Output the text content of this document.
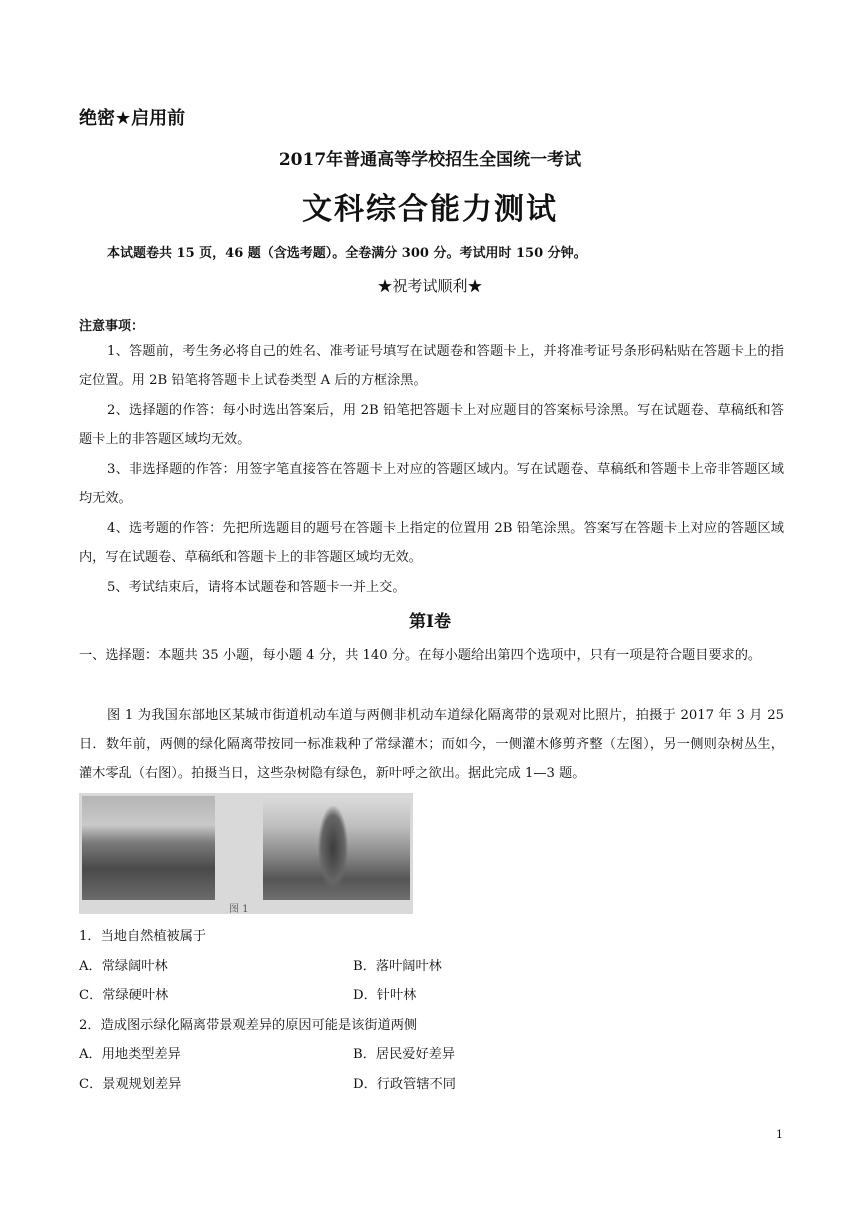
绝密★启用前
2017年普通高等学校招生全国统一考试
文科综合能力测试
本试题卷共 15 页，46 题（含选考题）。全卷满分 300 分。考试用时 150 分钟。
★祝考试顺利★
注意事项：
1、答题前，考生务必将自己的姓名、准考证号填写在试题卷和答题卡上，并将准考证号条形码粘贴在答题卡上的指定位置。用 2B 铅笔将答题卡上试卷类型 A 后的方框涂黑。
2、选择题的作答：每小时选出答案后，用 2B 铅笔把答题卡上对应题目的答案标号涂黑。写在试题卷、草稿纸和答题卡上的非答题区域均无效。
3、非选择题的作答：用签字笔直接答在答题卡上对应的答题区域内。写在试题卷、草稿纸和答题卡上帝非答题区域均无效。
4、选考题的作答：先把所选题目的题号在答题卡上指定的位置用 2B 铅笔涂黑。答案写在答题卡上对应的答题区域内，写在试题卷、草稿纸和答题卡上的非答题区域均无效。
5、考试结束后，请将本试题卷和答题卡一并上交。
第Ⅰ卷
一、选择题：本题共 35 小题，每小题 4 分，共 140 分。在每小题给出第四个选项中，只有一项是符合题目要求的。
图 1 为我国东部地区某城市街道机动车道与两侧非机动车道绿化隔离带的景观对比照片，拍摄于 2017 年 3 月 25 日．数年前，两侧的绿化隔离带按同一标准栽种了常绿灌木；而如今，一侧灌木修剪齐整（左图），另一侧则杂树丛生，灌木零乱（右图）。拍摄当日，这些杂树隐有绿色，新叶呼之欲出。据此完成 1—3 题。
图 1
1．当地自然植被属于
A．常绿阔叶林	B．落叶阔叶林
C．常绿硬叶林	D．针叶林
2．造成图示绿化隔离带景观差异的原因可能是该街道两侧
A．用地类型差异	B．居民爱好差异
C．景观规划差异	D．行政管辖不同
1
